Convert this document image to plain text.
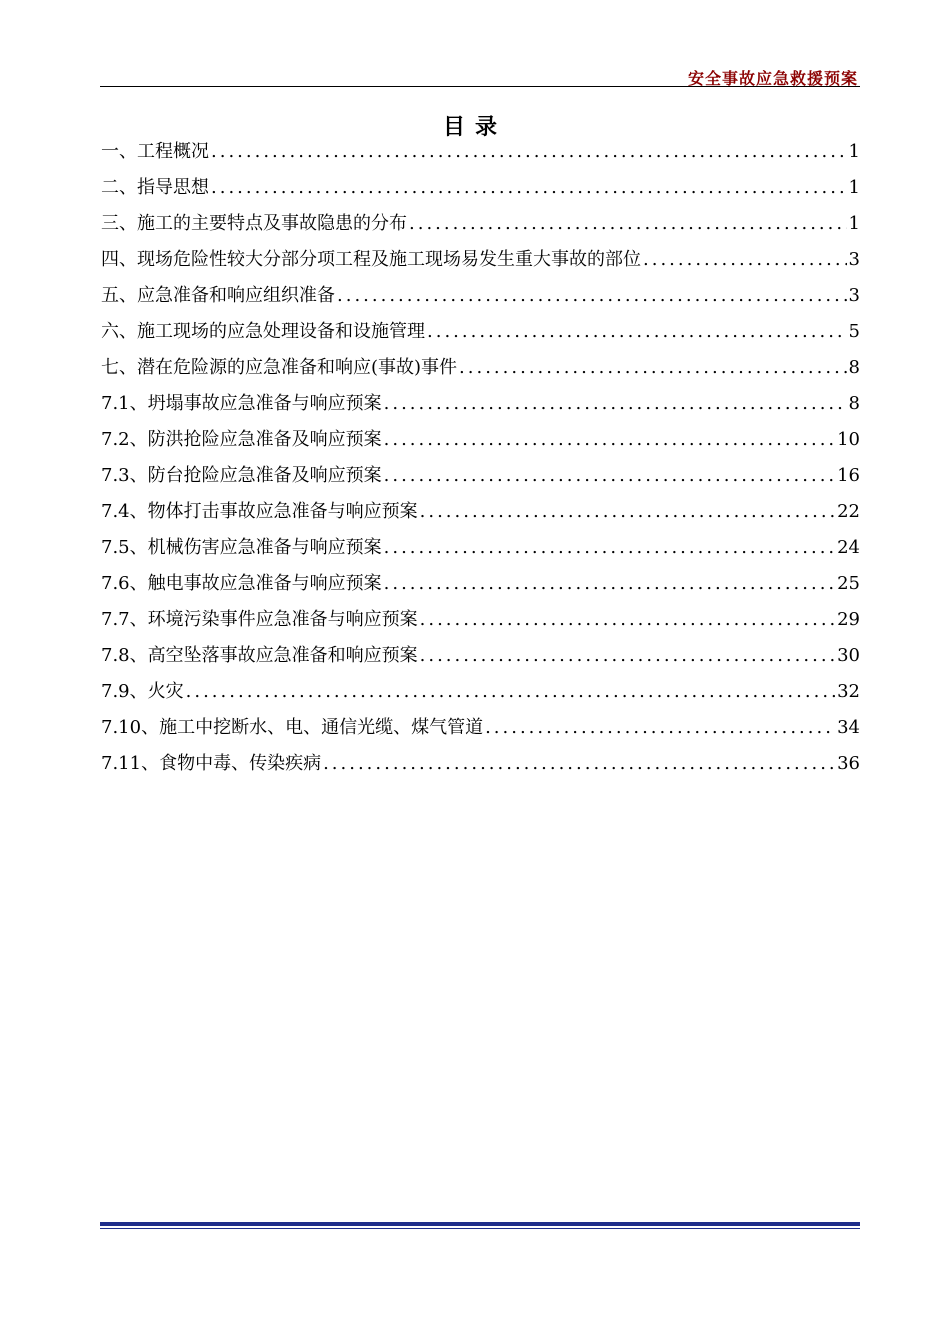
安全事故应急救援预案
目录
一、工程概况 .....	1
二、指导思想 .....	1
三、施工的主要特点及事故隐患的分布 .....	1
四、现场危险性较大分部分项工程及施工现场易发生重大事故的部位 .....	3
五、应急准备和响应组织准备 .....	3
六、施工现场的应急处理设备和设施管理 .....	5
七、潜在危险源的应急准备和响应(事故)事件 .....	8
7.1、坍塌事故应急准备与响应预案 .....	8
7.2、防洪抢险应急准备及响应预案 .....	10
7.3、防台抢险应急准备及响应预案 .....	16
7.4、物体打击事故应急准备与响应预案 .....	22
7.5、机械伤害应急准备与响应预案 .....	24
7.6、触电事故应急准备与响应预案 .....	25
7.7、环境污染事件应急准备与响应预案 .....	29
7.8、高空坠落事故应急准备和响应预案 .....	30
7.9、火灾 .....	32
7.10、施工中挖断水、电、通信光缆、煤气管道 .....	34
7.11、食物中毒、传染疾病 .....	36
